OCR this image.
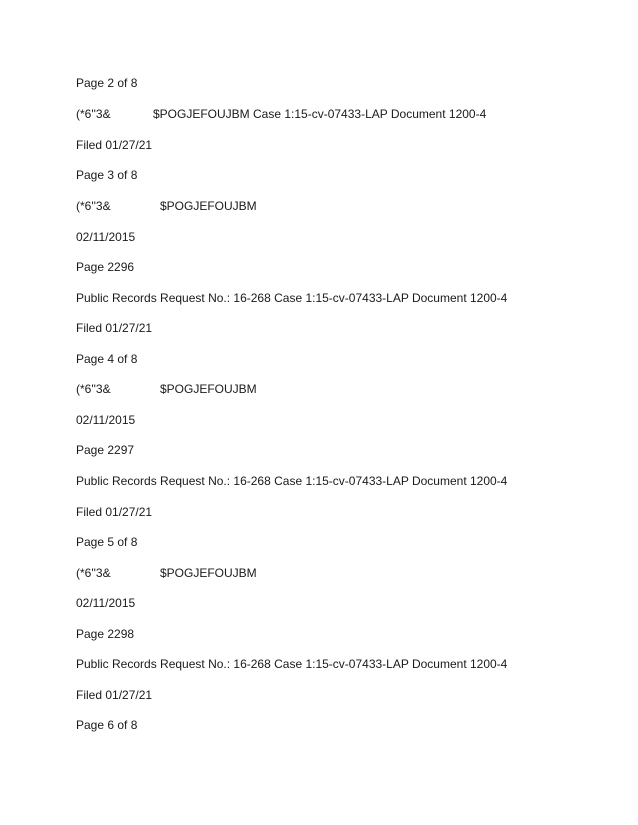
Page 2 of 8
(*6''3&	$POGJEFOUJBM Case 1:15-cv-07433-LAP Document 1200-4
Filed 01/27/21
Page 3 of 8
(*6''3&	$POGJEFOUJBM
02/11/2015
Page 2296
Public Records Request No.: 16-268 Case 1:15-cv-07433-LAP Document 1200-4
Filed 01/27/21
Page 4 of 8
(*6''3&	$POGJEFOUJBM
02/11/2015
Page 2297
Public Records Request No.: 16-268 Case 1:15-cv-07433-LAP Document 1200-4
Filed 01/27/21
Page 5 of 8
(*6''3&	$POGJEFOUJBM
02/11/2015
Page 2298
Public Records Request No.: 16-268 Case 1:15-cv-07433-LAP Document 1200-4
Filed 01/27/21
Page 6 of 8
